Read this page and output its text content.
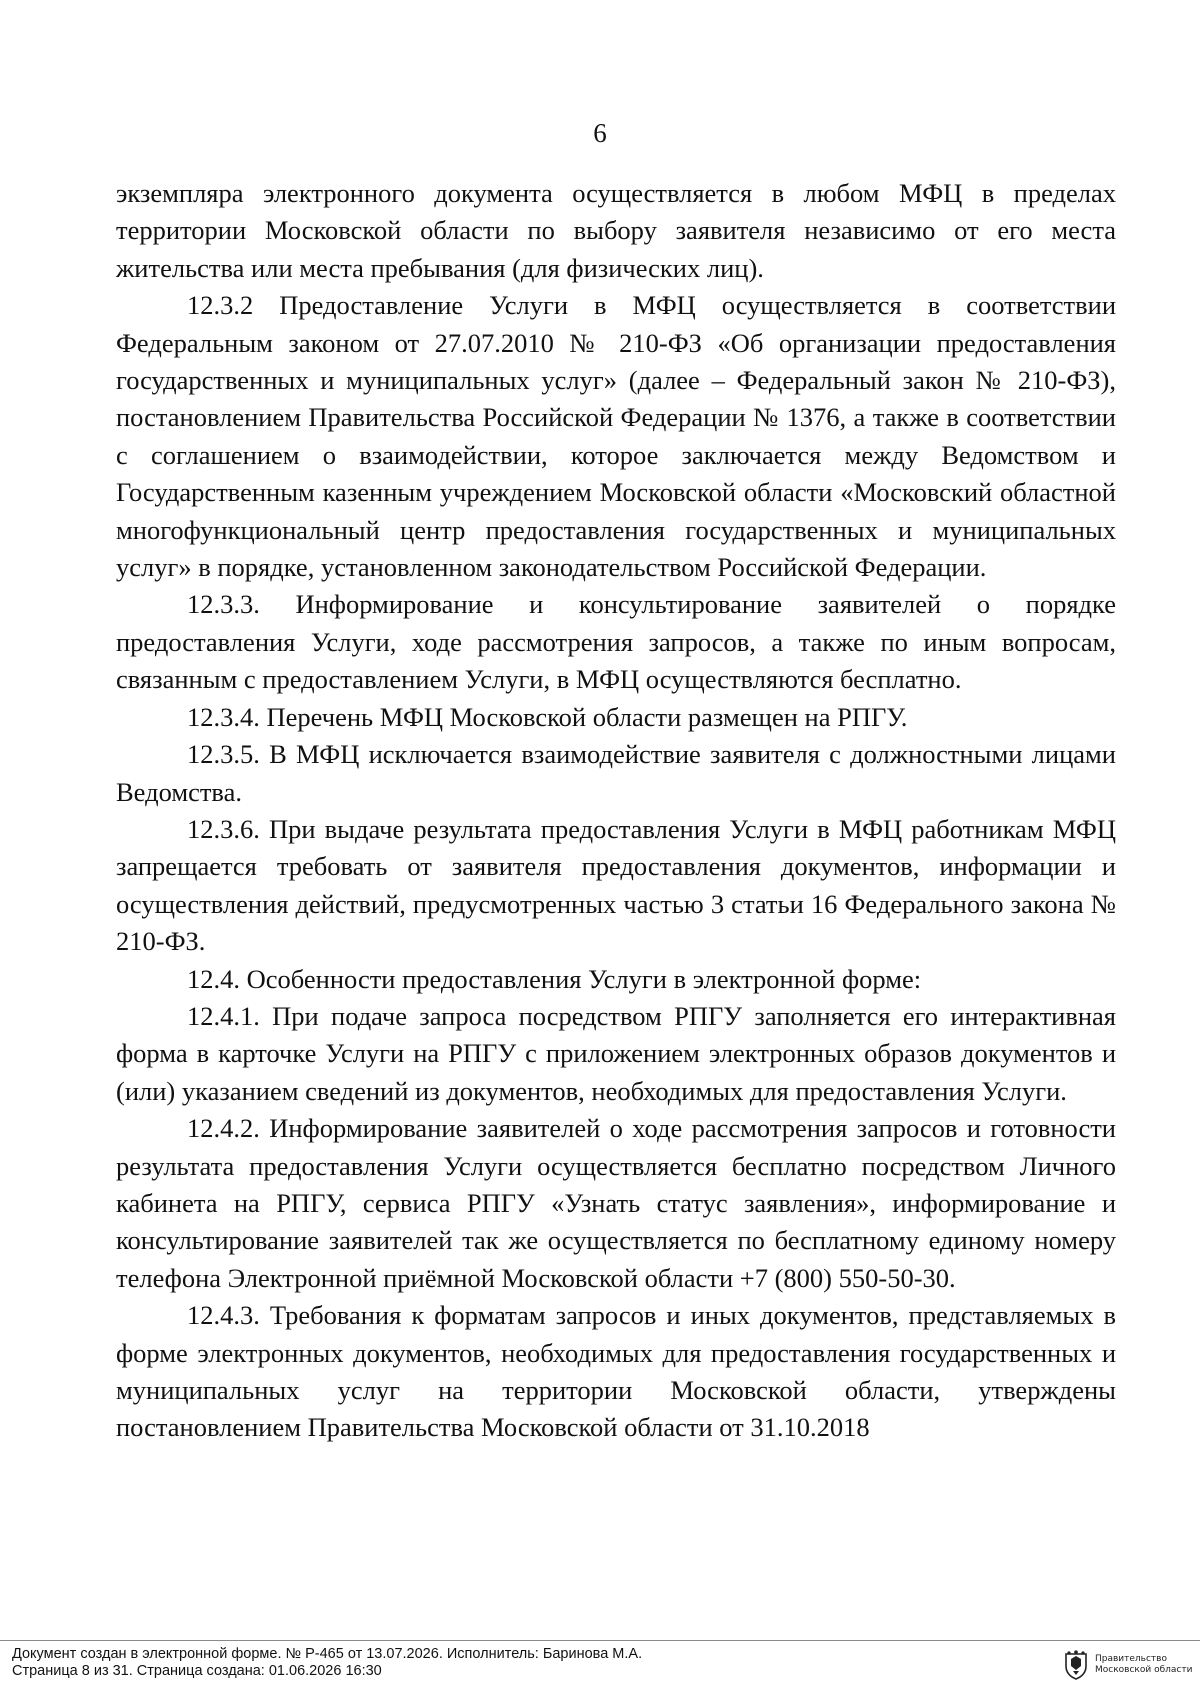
6

экземпляра электронного документа осуществляется в любом МФЦ в пределах территории Московской области по выбору заявителя независимо от его места жительства или места пребывания (для физических лиц).

12.3.2 Предоставление Услуги в МФЦ осуществляется в соответствии Федеральным законом от 27.07.2010 № 210-ФЗ «Об организации предоставления государственных и муниципальных услуг» (далее – Федеральный закон № 210-ФЗ), постановлением Правительства Российской Федерации № 1376, а также в соответствии с соглашением о взаимодействии, которое заключается между Ведомством и Государственным казенным учреждением Московской области «Московский областной многофункциональный центр предоставления государственных и муниципальных услуг» в порядке, установленном законодательством Российской Федерации.

12.3.3. Информирование и консультирование заявителей о порядке предоставления Услуги, ходе рассмотрения запросов, а также по иным вопросам, связанным с предоставлением Услуги, в МФЦ осуществляются бесплатно.

12.3.4. Перечень МФЦ Московской области размещен на РПГУ.

12.3.5. В МФЦ исключается взаимодействие заявителя с должностными лицами Ведомства.

12.3.6. При выдаче результата предоставления Услуги в МФЦ работникам МФЦ запрещается требовать от заявителя предоставления документов, информации и осуществления действий, предусмотренных частью 3 статьи 16 Федерального закона № 210-ФЗ.

12.4. Особенности предоставления Услуги в электронной форме:

12.4.1. При подаче запроса посредством РПГУ заполняется его интерактивная форма в карточке Услуги на РПГУ с приложением электронных образов документов и (или) указанием сведений из документов, необходимых для предоставления Услуги.

12.4.2. Информирование заявителей о ходе рассмотрения запросов и готовности результата предоставления Услуги осуществляется бесплатно посредством Личного кабинета на РПГУ, сервиса РПГУ «Узнать статус заявления», информирование и консультирование заявителей так же осуществляется по бесплатному единому номеру телефона Электронной приёмной Московской области +7 (800) 550-50-30.

12.4.3. Требования к форматам запросов и иных документов, представляемых в форме электронных документов, необходимых для предоставления государственных и муниципальных услуг на территории Московской области, утверждены постановлением Правительства Московской области от 31.10.2018

Документ создан в электронной форме. № Р-465 от 13.07.2026. Исполнитель: Баринова М.А.
Страница 8 из 31. Страница создана: 01.06.2026 16:30
Правительство
Московской области
